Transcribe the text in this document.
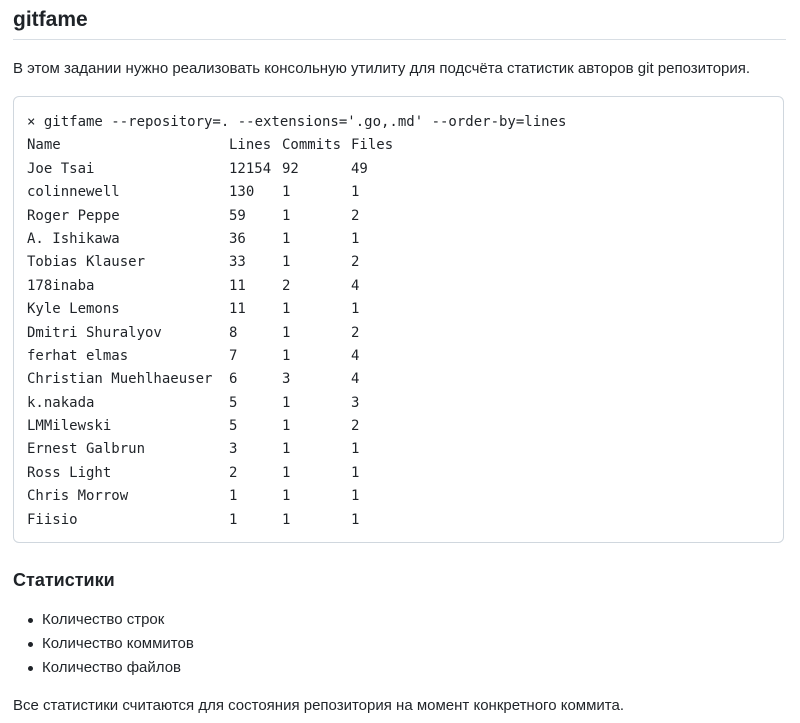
gitfame

В этом задании нужно реализовать консольную утилиту для подсчёта статистик авторов git репозитория.

× gitfame --repository=. --extensions='.go,.md' --order-by=lines
Name	Lines Commits Files
Joe Tsai	12154 92	49
colinnewell	130 1	1
Roger Peppe	59	1	2
A. Ishikawa	36	1	1
Tobias Klauser	33	1	2
178inaba	11	2	4
Kyle Lemons	11	1	1
Dmitri Shuralyov	8	1	2
ferhat elmas	7	1	4
Christian Muehlhaeuser 6	3	4
k.nakada	5	1	3
LMMilewski	5	1	2
Ernest Galbrun	3	1	1
Ross Light	2	1	1
Chris Morrow	1	1	1
Fiisio	1	1	1
Статистики
Количество строк
Количество коммитов
Количество файлов

Все статистики считаются для состояния репозитория на момент конкретного коммита.
